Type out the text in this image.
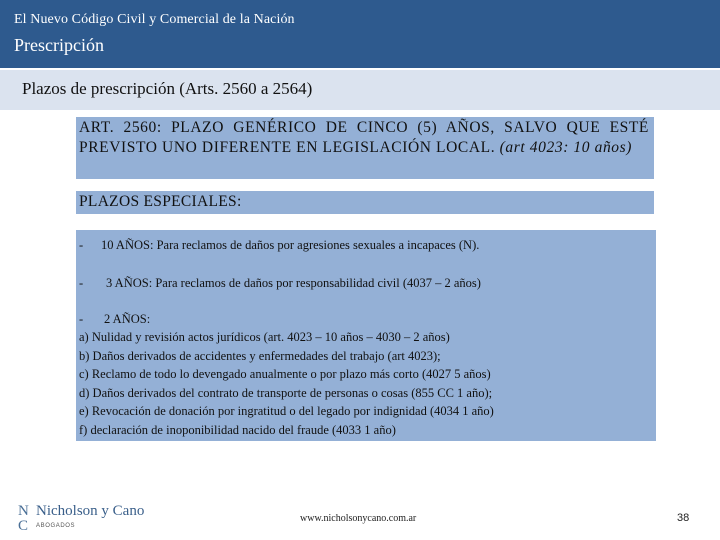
El Nuevo Código Civil y Comercial de la Nación
Prescripción
Plazos de prescripción (Arts. 2560 a 2564)
ART. 2560: PLAZO GENÉRICO DE CINCO (5) AÑOS, SALVO QUE ESTÉ PREVISTO UNO DIFERENTE EN LEGISLACIÓN LOCAL. (art 4023: 10 años)
PLAZOS ESPECIALES:
- 10 AÑOS: Para reclamos de daños por agresiones sexuales a incapaces (N).
- 3 AÑOS: Para reclamos de daños por responsabilidad civil (4037 – 2 años)
- 2 AÑOS:
a) Nulidad y revisión actos jurídicos (art. 4023 – 10 años – 4030 – 2 años)
b) Daños derivados de accidentes y enfermedades del trabajo (art 4023);
c) Reclamo de todo lo devengado anualmente o por plazo más corto (4027 5 años)
d) Daños derivados del contrato de transporte de personas o cosas (855 CC 1 año);
e) Revocación de donación por ingratitud o del legado por indignidad (4034 1 año)
f) declaración de inoponibilidad nacido del fraude (4033 1 año)
N
C
Nicholson y Cano
ABOGADOS
www.nicholsonycano.com.ar	38
